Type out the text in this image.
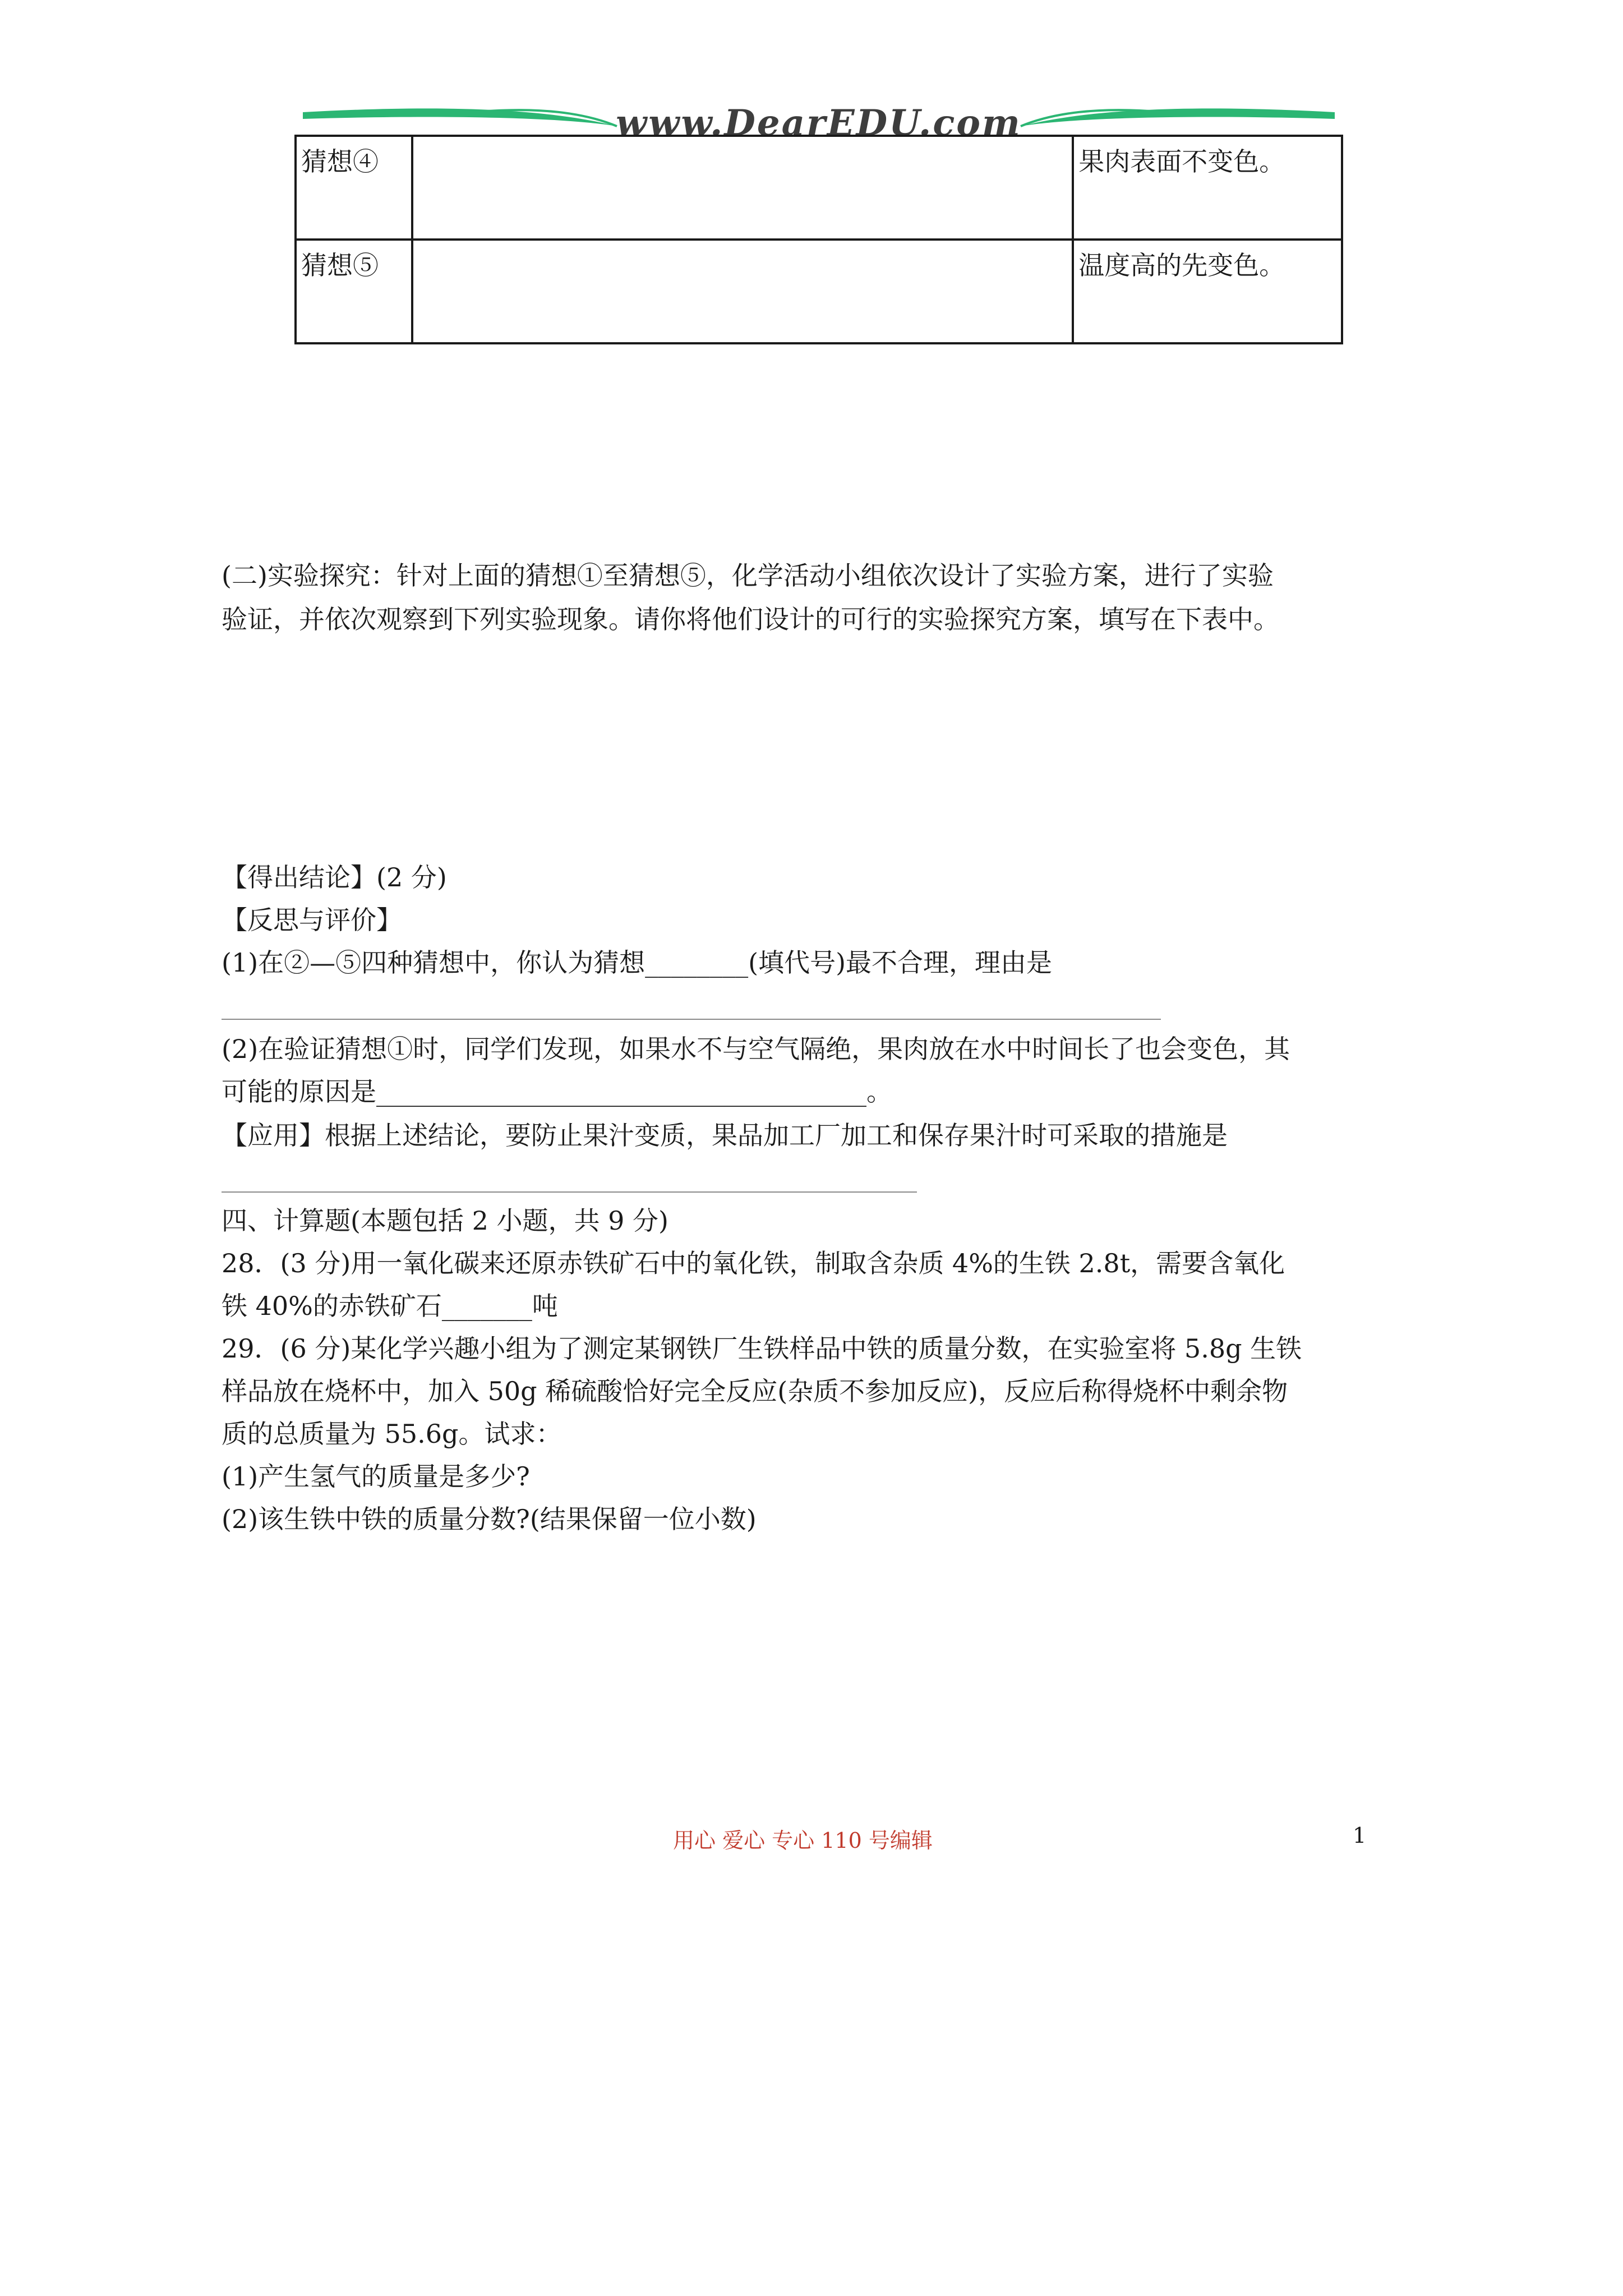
www.DearEDU.com
猜想④		果肉表面不变色。
猜想⑤		温度高的先变色。
(二)实验探究：针对上面的猜想①至猜想⑤，化学活动小组依次设计了实验方案，进行了实验
验证，并依次观察到下列实验现象。请你将他们设计的可行的实验探究方案，填写在下表中。
【得出结论】(2 分)
【反思与评价】
(1)在②—⑤四种猜想中，你认为猜想________(填代号)最不合理，理由是
(2)在验证猜想①时，同学们发现，如果水不与空气隔绝，果肉放在水中时间长了也会变色，其
可能的原因是______________________________________。
【应用】根据上述结论，要防止果汁变质，果品加工厂加工和保存果汁时可采取的措施是
四、计算题(本题包括 2 小题，共 9 分)
28．(3 分)用一氧化碳来还原赤铁矿石中的氧化铁，制取含杂质 4%的生铁 2.8t，需要含氧化
铁 40%的赤铁矿石_______吨
29．(6 分)某化学兴趣小组为了测定某钢铁厂生铁样品中铁的质量分数，在实验室将 5.8g 生铁
样品放在烧杯中，加入 50g 稀硫酸恰好完全反应(杂质不参加反应)，反应后称得烧杯中剩余物
质的总质量为 55.6g。试求：
(1)产生氢气的质量是多少?
(2)该生铁中铁的质量分数?(结果保留一位小数)
用心 爱心 专心 110 号编辑	1
